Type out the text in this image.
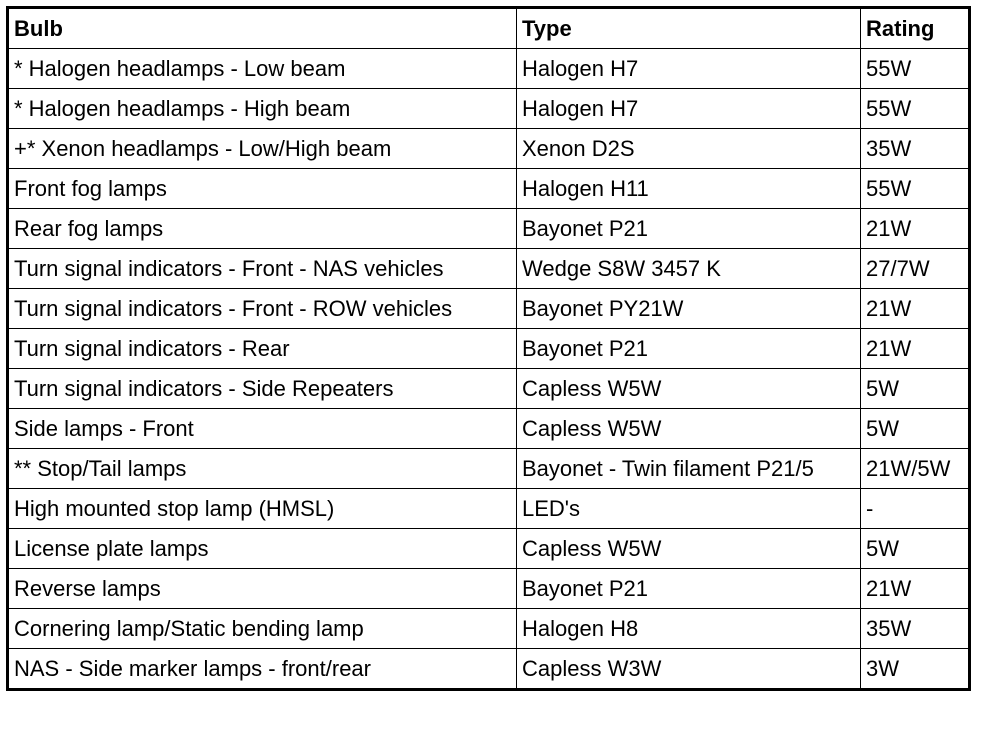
Bulb	Type	Rating
* Halogen headlamps - Low beam	Halogen H7	55W
* Halogen headlamps - High beam	Halogen H7	55W
+* Xenon headlamps - Low/High beam	Xenon D2S	35W
Front fog lamps	Halogen H11	55W
Rear fog lamps	Bayonet P21	21W
Turn signal indicators - Front - NAS vehicles	Wedge S8W 3457 K	27/7W
Turn signal indicators - Front - ROW vehicles	Bayonet PY21W	21W
Turn signal indicators - Rear	Bayonet P21	21W
Turn signal indicators - Side Repeaters	Capless W5W	5W
Side lamps - Front	Capless W5W	5W
** Stop/Tail lamps	Bayonet - Twin filament P21/5	21W/5W
High mounted stop lamp (HMSL)	LED's	-
License plate lamps	Capless W5W	5W
Reverse lamps	Bayonet P21	21W
Cornering lamp/Static bending lamp	Halogen H8	35W
NAS - Side marker lamps - front/rear	Capless W3W	3W
